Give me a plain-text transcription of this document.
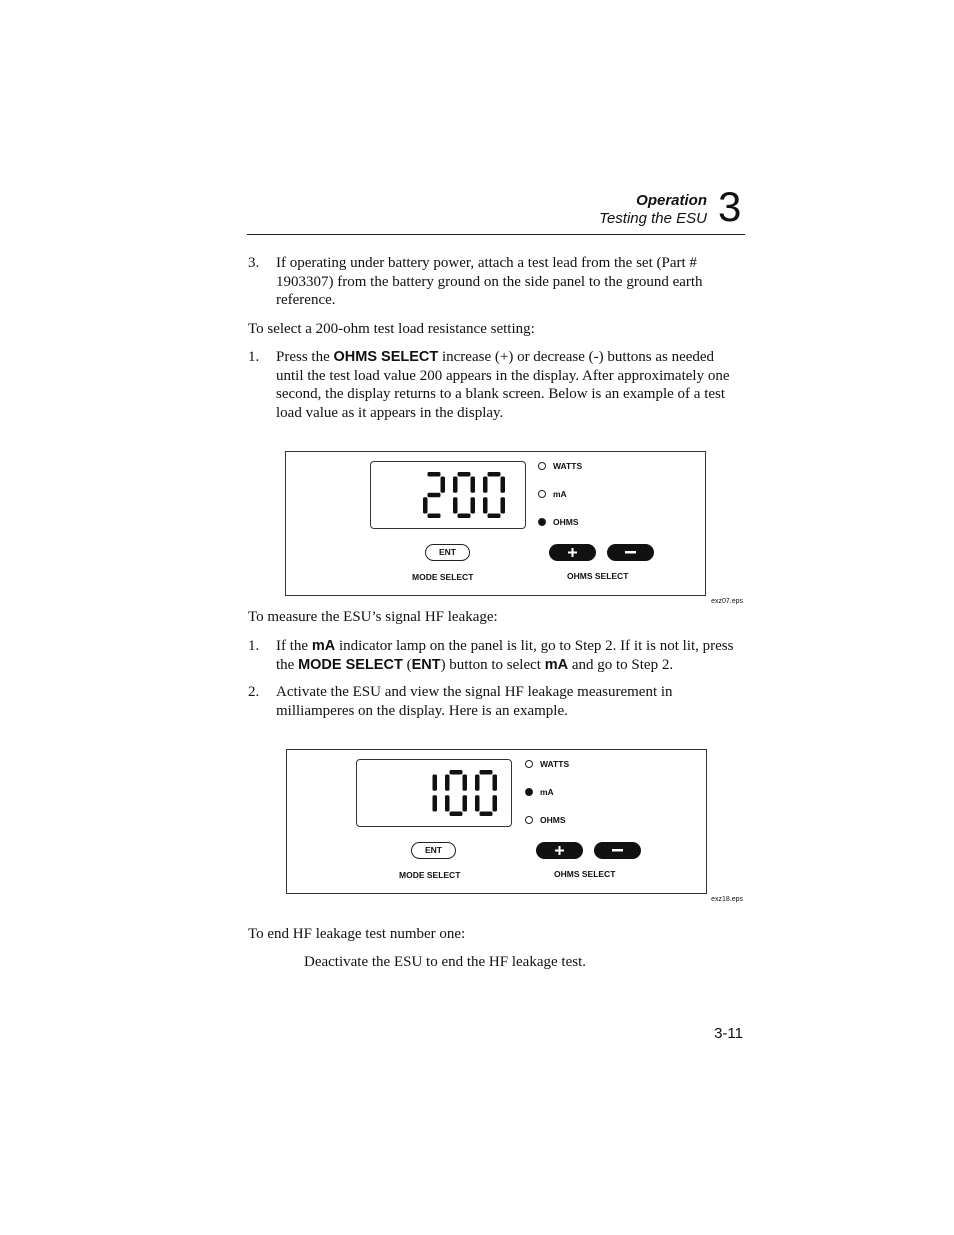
Operation
Testing the ESU 3
3. If operating under battery power, attach a test lead from the set (Part # 1903307) from the battery ground on the side panel to the ground earth reference.
To select a 200-ohm test load resistance setting:
1. Press the OHMS SELECT increase (+) or decrease (-) buttons as needed until the test load value 200 appears in the display. After approximately one second, the display returns to a blank screen. Below is an example of a test load value as it appears in the display.
WATTS
mA
OHMS
ENT
MODE SELECT	OHMS SELECT
exz07.eps
To measure the ESU’s signal HF leakage:
1. If the mA indicator lamp on the panel is lit, go to Step 2. If it is not lit, press the MODE SELECT (ENT) button to select mA and go to Step 2.
2. Activate the ESU and view the signal HF leakage measurement in milliamperes on the display. Here is an example.
WATTS
mA
OHMS
ENT
MODE SELECT	OHMS SELECT
exz18.eps
To end HF leakage test number one:
Deactivate the ESU to end the HF leakage test.
3-11
